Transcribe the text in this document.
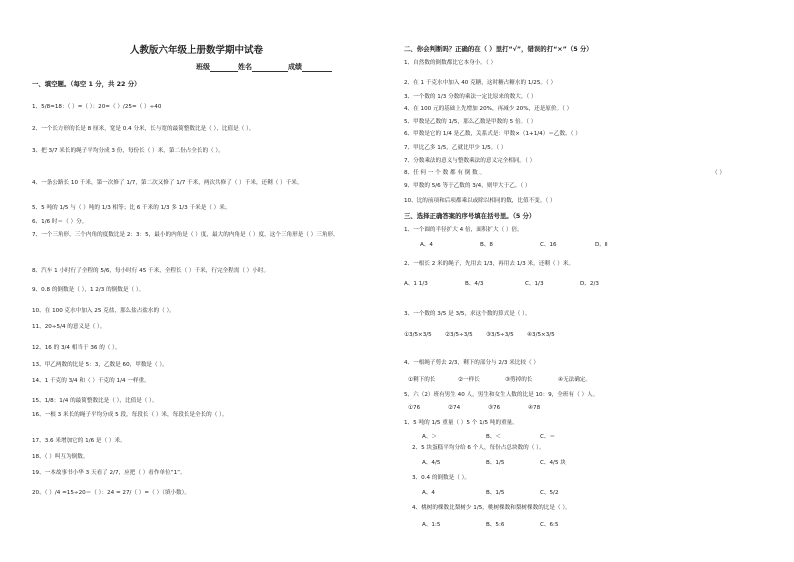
人教版六年级上册数学期中试卷
班级	姓名	成绩
一、填空题。（每空 1 分，共 22 分）
1、5/8=18：（ ）=（ ）：20=（ ）/25=（ ）÷40
2、一个长方形的长是 8 厘米，宽是 0.4 分米，长与宽的最简整数比是（ ），比值是（ ）。
3、把 3/7 米长的绳子平均分成 3 份，每份长（ ）米，第二份占全长的（ ）。
4、一条公路长 10 千米，第一次修了 1/7，第二次又修了 1/7 千米，两次共修了（ ）千米，还剩（ ）千米。
5、5 吨的 1/5 与（ ）吨的 1/3 相等；比 6 千米的 1/3 多 1/3 千米是（ ）米。
6、1/6 时＝（ ）分。
7、一个三角形，三个内角的度数比是 2：3：5，最小的内角是（ ）度，最大的内角是（ ）度，这个三角形是（ ）三角形。
8、汽车 1 小时行了全程的 5/6，每小时行 45 千米，全程长（ ）千米，行完全程需（ ）小时。
9、0.8 的倒数是（ ），1 2/3 的倒数是（ ）。
10、在 100 克水中加入 25 克盐，那么盐占盐水的（ ）。
11、20÷5/4 的意义是（ ）。
12、16 的 3/4 相当于 36 的（ ）。
13、甲乙两数的比是 5：3，乙数是 60，甲数是（ ）。
14、1 千克的 3/4 和（ ）千克的 1/4 一样重。
15、1/8：1/4 的最简整数比是（ ），比值是（ ）。
16、一根 3 米长的绳子平均分成 5 段，每段长（ ）米，每段长是全长的（ ）。
17、3.6 米增加它的 1/6 是（ ）米。
18、（ ）叫互为倒数。
19、一本故事书小华 3 天看了 2/7，应把（ ）看作单位“1”。
20、（ ）/4 =15÷20＝（ ）：24 = 27/（ ）=（ ）（填小数）。
二、你会判断吗？正确的在（ ）里打“√”，错误的打“×”（5 分）
1、自然数的倒数都比它本身小。（ ）
2、在 1 千克水中加入 40 克糖，这时糖占糖水的 1/25。（ ）
3、一个数的 1/3 分数的乘法一定比原来的数大。（ ）
4、在 100 元的基础上先增加 20%，再减少 20%，还是原价。（ ）
5、甲数是乙数的 1/5，那么乙数是甲数的 5 倍。（ ）
6、甲数是它的 1/4 是乙数，关系式是：甲数×（1+1/4）＝乙数。（ ）
7、甲比乙多 1/5，乙就比甲少 1/5。（ ）
7、分数乘法的意义与整数乘法的意义完全相同。（ ）
8、任 何 一 个 数 都 有 倒 数 。	（ ）
9、甲数的 5/6 等于乙数的 3/4，则甲大于乙。（ ）
10、比的前项和后项都乘以或除以相同的数，比值不变。（ ）
三、选择正确答案的序号填在括号里。（5 分）
1、一个圆的半径扩大 4 倍，面积扩大（ ）倍。
A、4	B、8	C、16	D、Ⅱ
2、一根长 2 米的绳子，先用去 1/3，再用去 1/3 米，还剩（ ）米。
A、1 1/3	B、4/3	C、1/3	D、2/3
3、一个数的 3/5 是 3/5，求这个数的算式是（ ）。
①3/5×3/5 ②3/5÷3/5 ③3/5÷3/5 ④3/5×3/5
4、一根绳子剪去 2/3，剩下的部分与 2/3 米比较（ ）
①剩下的长	②一样长	③剪掉的长	④无法确定。
5、六（2）班有男生 40 人，男生和女生人数的比是 10：9，全班有（ ）人。
①76	②74	③76	④78
1、5 吨的 1/5 重量（ ）5 个 1/5 吨的重量。
A、＞	B、＜	C、＝
2、5 块蛋糕平均分给 6 个人，每份占总块数的（ ）。
A、4/5	B、1/5	C、4/5 块
3、0.4 的倒数是（ ）。
A、4	B、1/5	C、5/2
4、桃树的棵数比梨树少 1/5，桃树棵数和梨树棵数的比是（ ）。
A、1:5	B、5:6	C、6:5
